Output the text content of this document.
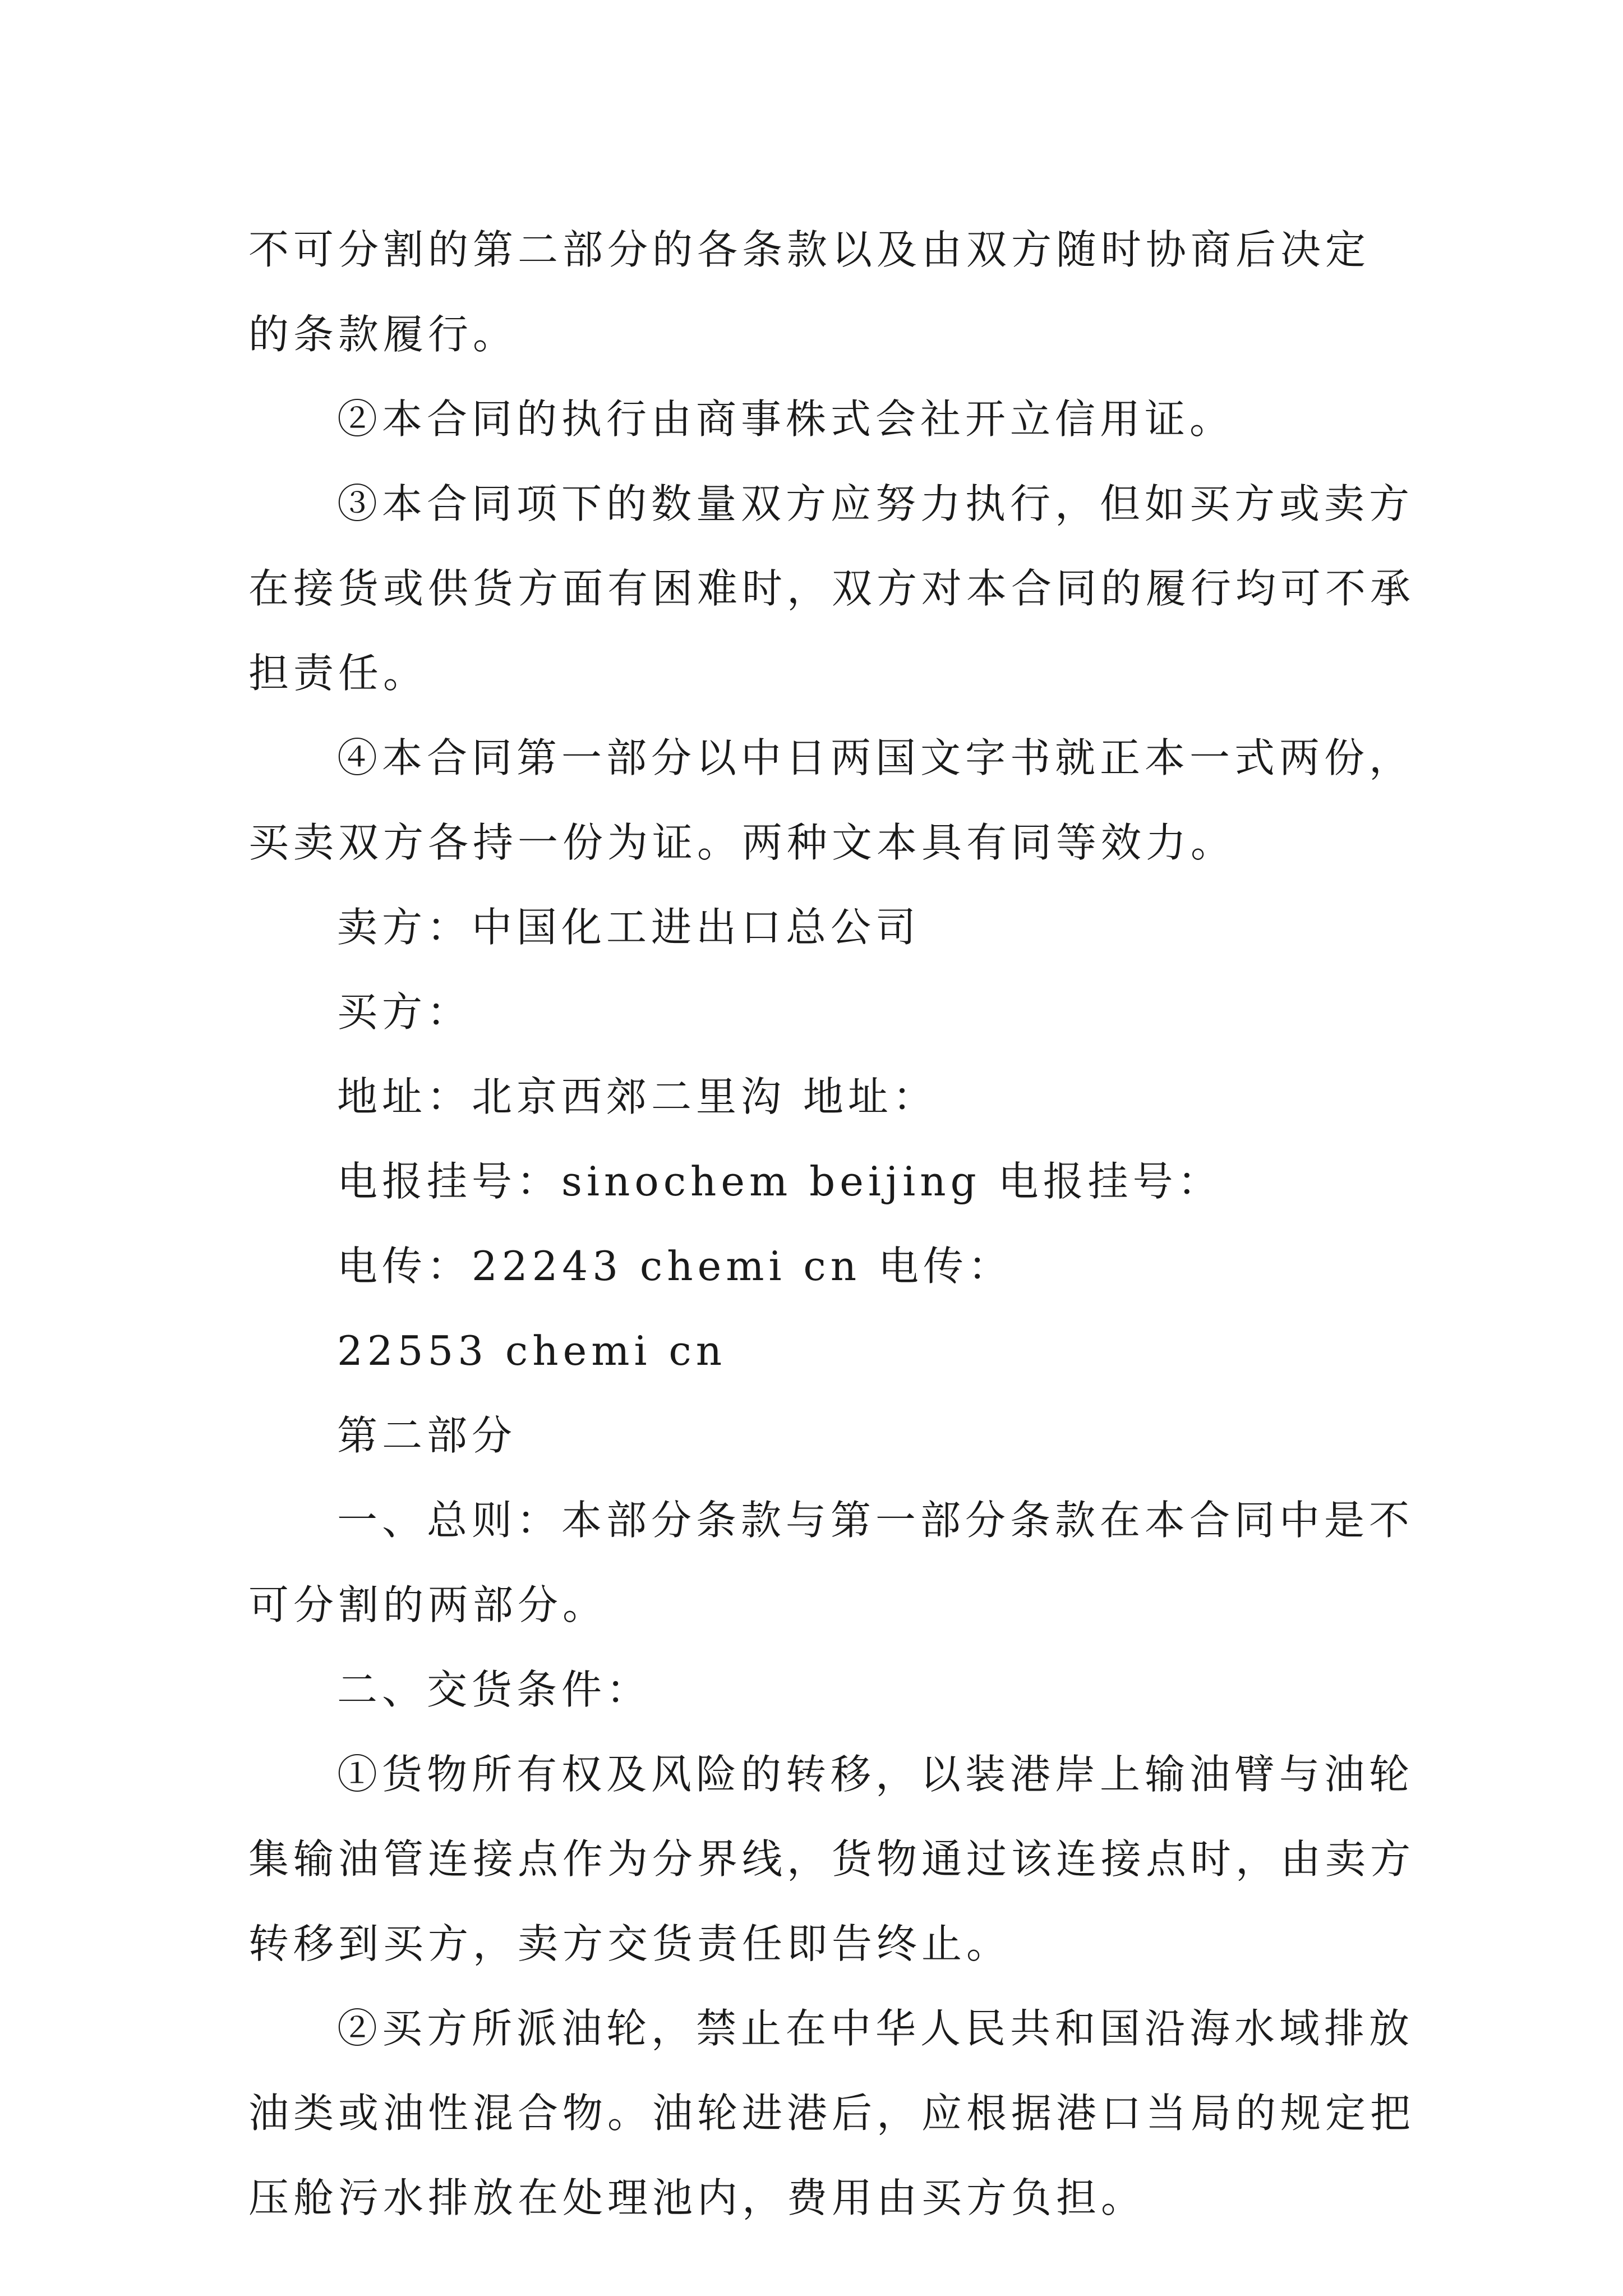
不可分割的第二部分的各条款以及由双方随时协商后决定
的条款履行。

②本合同的执行由商事株式会社开立信用证。

③本合同项下的数量双方应努力执行，但如买方或卖方
在接货或供货方面有困难时，双方对本合同的履行均可不承
担责任。

④本合同第一部分以中日两国文字书就正本一式两份，
买卖双方各持一份为证。两种文本具有同等效力。

卖方：中国化工进出口总公司

买方：

地址：北京西郊二里沟 地址：

电报挂号：sinochem beijing 电报挂号：

电传：22243 chemi cn 电传：

22553 chemi cn

第二部分

一、总则：本部分条款与第一部分条款在本合同中是不
可分割的两部分。

二、交货条件：

①货物所有权及风险的转移，以装港岸上输油臂与油轮
集输油管连接点作为分界线，货物通过该连接点时，由卖方
转移到买方，卖方交货责任即告终止。

②买方所派油轮，禁止在中华人民共和国沿海水域排放
油类或油性混合物。油轮进港后，应根据港口当局的规定把
压舱污水排放在处理池内，费用由买方负担。
